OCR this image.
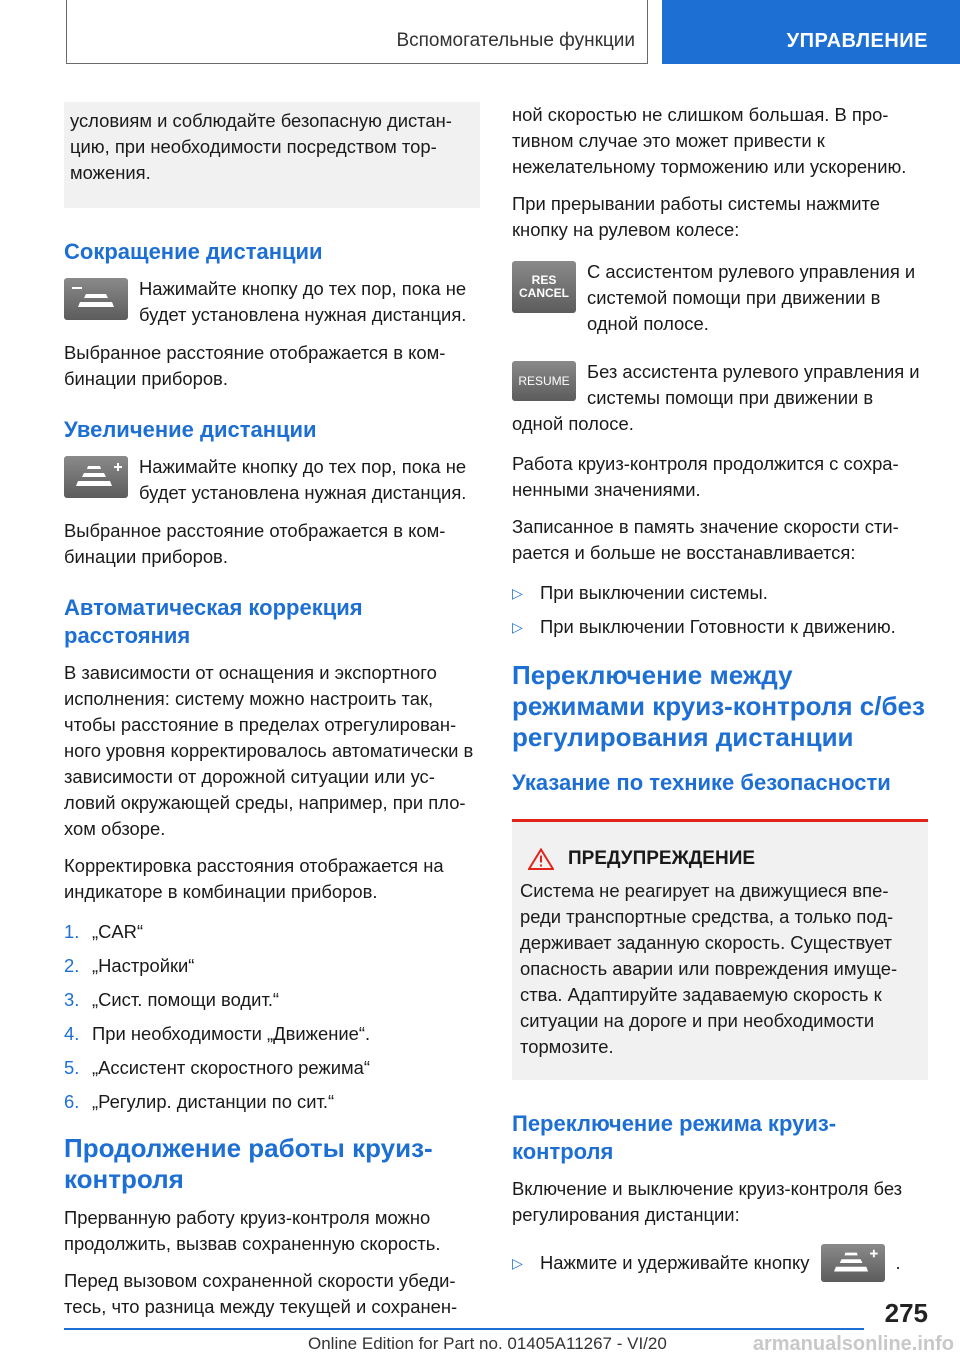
Вспомогательные функции	УПРАВЛЕНИЕ

условиям и соблюдайте безопасную дистан-цию, при необходимости посредством тор-можения.

Сокращение дистанции

Нажимайте кнопку до тех пор, пока не будет установлена нужная дистанция.

Выбранное расстояние отображается в ком-бинации приборов.

Увеличение дистанции

Нажимайте кнопку до тех пор, пока не будет установлена нужная дистанция.

Выбранное расстояние отображается в ком-бинации приборов.

Автоматическая коррекция расстояния

В зависимости от оснащения и экспортного исполнения: систему можно настроить так, чтобы расстояние в пределах отрегулирован-ного уровня корректировалось автоматически в зависимости от дорожной ситуации или ус-ловий окружающей среды, например, при пло-хом обзоре.

Корректировка расстояния отображается на индикаторе в комбинации приборов.

1. „CAR“
2. „Настройки“
3. „Сист. помощи водит.“
4. При необходимости „Движение“.
5. „Ассистент скоростного режима“
6. „Регулир. дистанции по сит.“
Продолжение работы круиз-контроля

Прерванную работу круиз-контроля можно продолжить, вызвав сохраненную скорость.

Перед вызовом сохраненной скорости убеди-тесь, что разница между текущей и сохранен-

ной скоростью не слишком большая. В про-тивном случае это может привести к нежелательному торможению или ускорению.

При прерывании работы системы нажмите кнопку на рулевом колесе:

RES
CANCEL

С ассистентом рулевого управления и системой помощи при движении в одной полосе.

RESUME Без ассистента рулевого управления и системы помощи при движении в одной полосе.

Работа круиз-контроля продолжится с сохра-ненными значениями.

Записанное в память значение скорости сти-рается и больше не восстанавливается:

▷ При выключении системы.
▷ При выключении Готовности к движению.
Переключение между режимами круиз-контроля с/без регулирования дистанции
Указание по технике безопасности
ПРЕДУПРЕЖДЕНИЕ

Система не реагирует на движущиеся впе-реди транспортные средства, а только под-держивает заданную скорость. Существует опасность аварии или повреждения имуще-ства. Адаптируйте задаваемую скорость к ситуации на дороге и при необходимости тормозите.

Переключение режима круиз-контроля

Включение и выключение круиз-контроля без регулирования дистанции:

▷ Нажмите и удерживайте кнопку	.
275
Online Edition for Part no. 01405A11267 - VI/20	armanualsonline.info
